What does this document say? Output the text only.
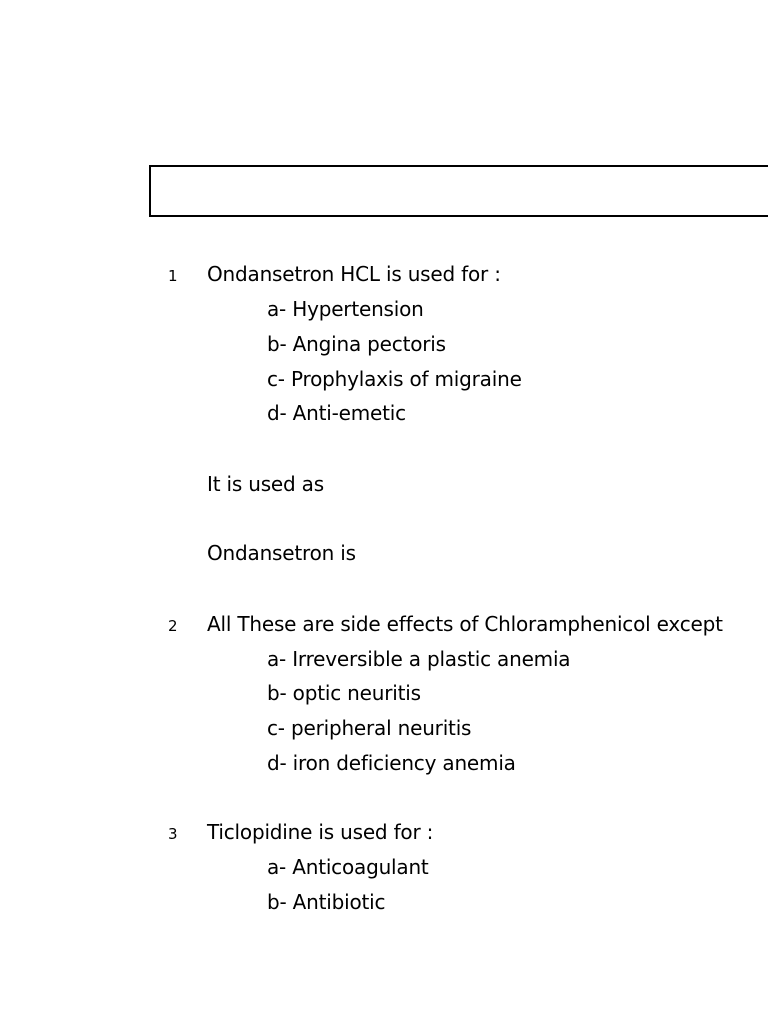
1 Ondansetron HCL is used for :
a- Hypertension
b- Angina pectoris
c- Prophylaxis of migraine
d- Anti-emetic
It is used as
Ondansetron is
2 All These are side effects of Chloramphenicol except
a- Irreversible a plastic anemia
b- optic neuritis
c- peripheral neuritis
d- iron deficiency anemia
3 Ticlopidine is used for :
a- Anticoagulant
b- Antibiotic
